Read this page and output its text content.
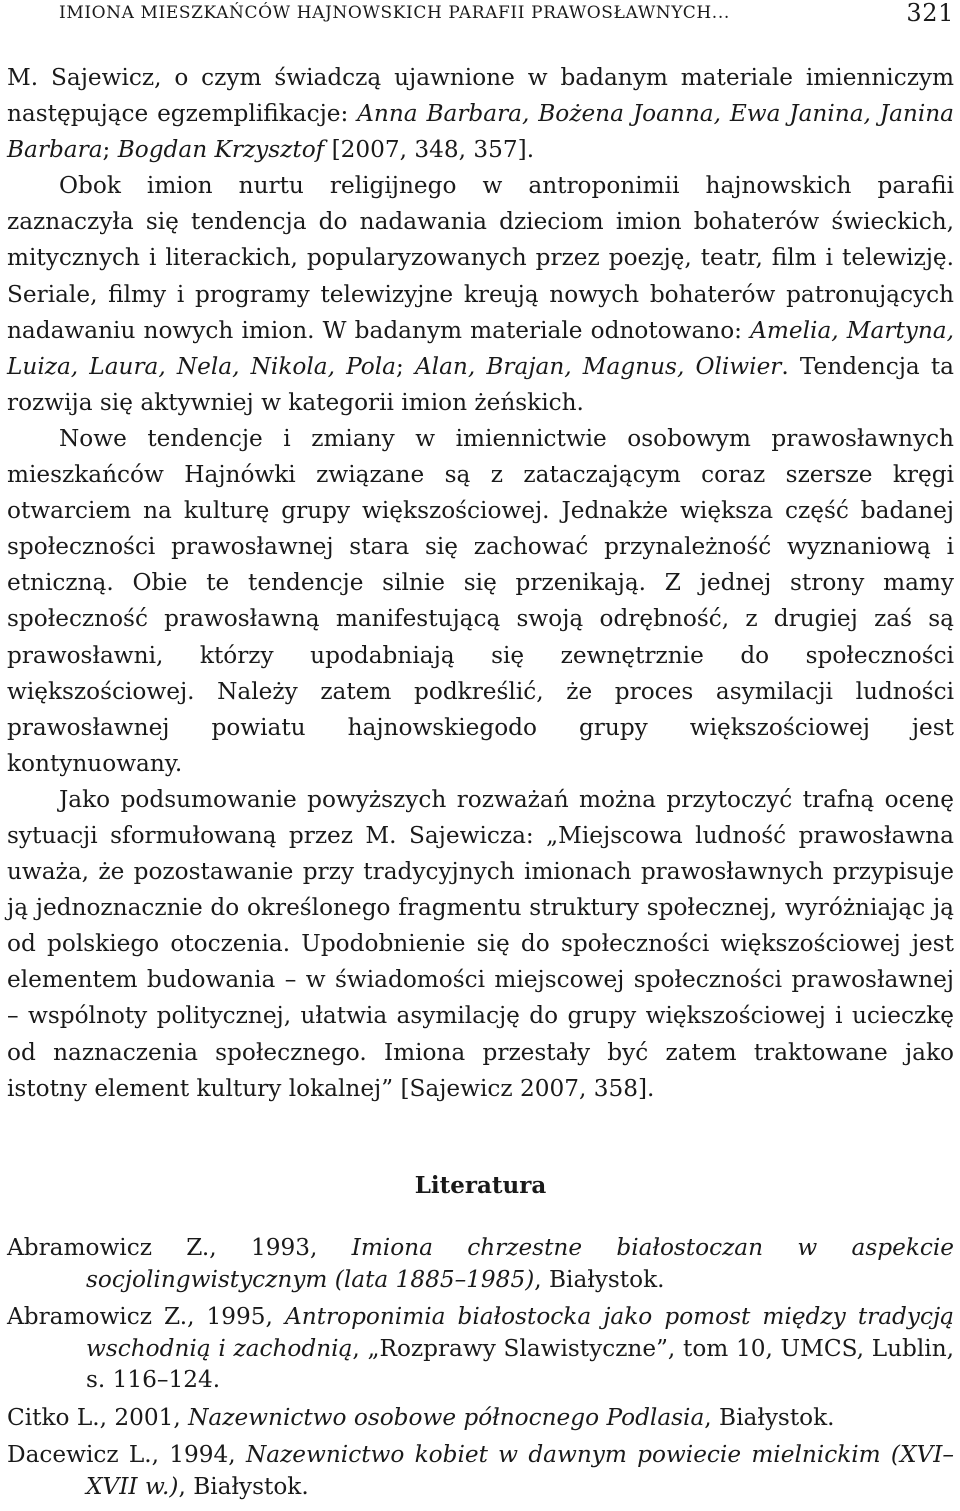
IMIONA MIESZKAŃCÓW HAJNOWSKICH PARAFII PRAWOSŁAWNYCH...	321

M. Sajewicz, o czym świadczą ujawnione w badanym materiale imienniczym następujące egzemplifikacje: Anna Barbara, Bożena Joanna, Ewa Janina, Janina Barbara; Bogdan Krzysztof [2007, 348, 357].

Obok imion nurtu religijnego w antroponimii hajnowskich parafii zaznaczyła się tendencja do nadawania dzieciom imion bohaterów świeckich, mitycznych i literackich, popularyzowanych przez poezję, teatr, film i telewizję. Seriale, filmy i programy telewizyjne kreują nowych bohaterów patronujących nadawaniu nowych imion. W badanym materiale odnotowano: Amelia, Martyna, Luiza, Laura, Nela, Nikola, Pola; Alan, Brajan, Magnus, Oliwier. Tendencja ta rozwija się aktywniej w kategorii imion żeńskich.

Nowe tendencje i zmiany w imiennictwie osobowym prawosławnych mieszkańców Hajnówki związane są z zataczającym coraz szersze kręgi otwarciem na kulturę grupy większościowej. Jednakże większa część badanej społeczności prawosławnej stara się zachować przynależność wyznaniową i etniczną. Obie te tendencje silnie się przenikają. Z jednej strony mamy społeczność prawosławną manifestującą swoją odrębność, z drugiej zaś są prawosławni, którzy upodabniają się zewnętrznie do społeczności większościowej. Należy zatem podkreślić, że proces asymilacji ludności prawosławnej powiatu hajnowskiegodo grupy większościowej jest kontynuowany.

Jako podsumowanie powyższych rozważań można przytoczyć trafną ocenę sytuacji sformułowaną przez M. Sajewicza: „Miejscowa ludność prawosławna uważa, że pozostawanie przy tradycyjnych imionach prawosławnych przypisuje ją jednoznacznie do określonego fragmentu struktury społecznej, wyróżniając ją od polskiego otoczenia. Upodobnienie się do społeczności większościowej jest elementem budowania – w świadomości miejscowej społeczności prawosławnej – wspólnoty politycznej, ułatwia asymilację do grupy większościowej i ucieczkę od naznaczenia społecznego. Imiona przestały być zatem traktowane jako istotny element kultury lokalnej” [Sajewicz 2007, 358].

Literatura

Abramowicz Z., 1993, Imiona chrzestne białostoczan w aspekcie socjolingwistycznym (lata 1885–1985), Białystok.

Abramowicz Z., 1995, Antroponimia białostocka jako pomost między tradycją wschodnią i zachodnią, „Rozprawy Slawistyczne”, tom 10, UMCS, Lublin, s. 116–124.

Citko L., 2001, Nazewnictwo osobowe północnego Podlasia, Białystok.

Dacewicz L., 1994, Nazewnictwo kobiet w dawnym powiecie mielnickim (XVI–XVII w.), Białystok.
